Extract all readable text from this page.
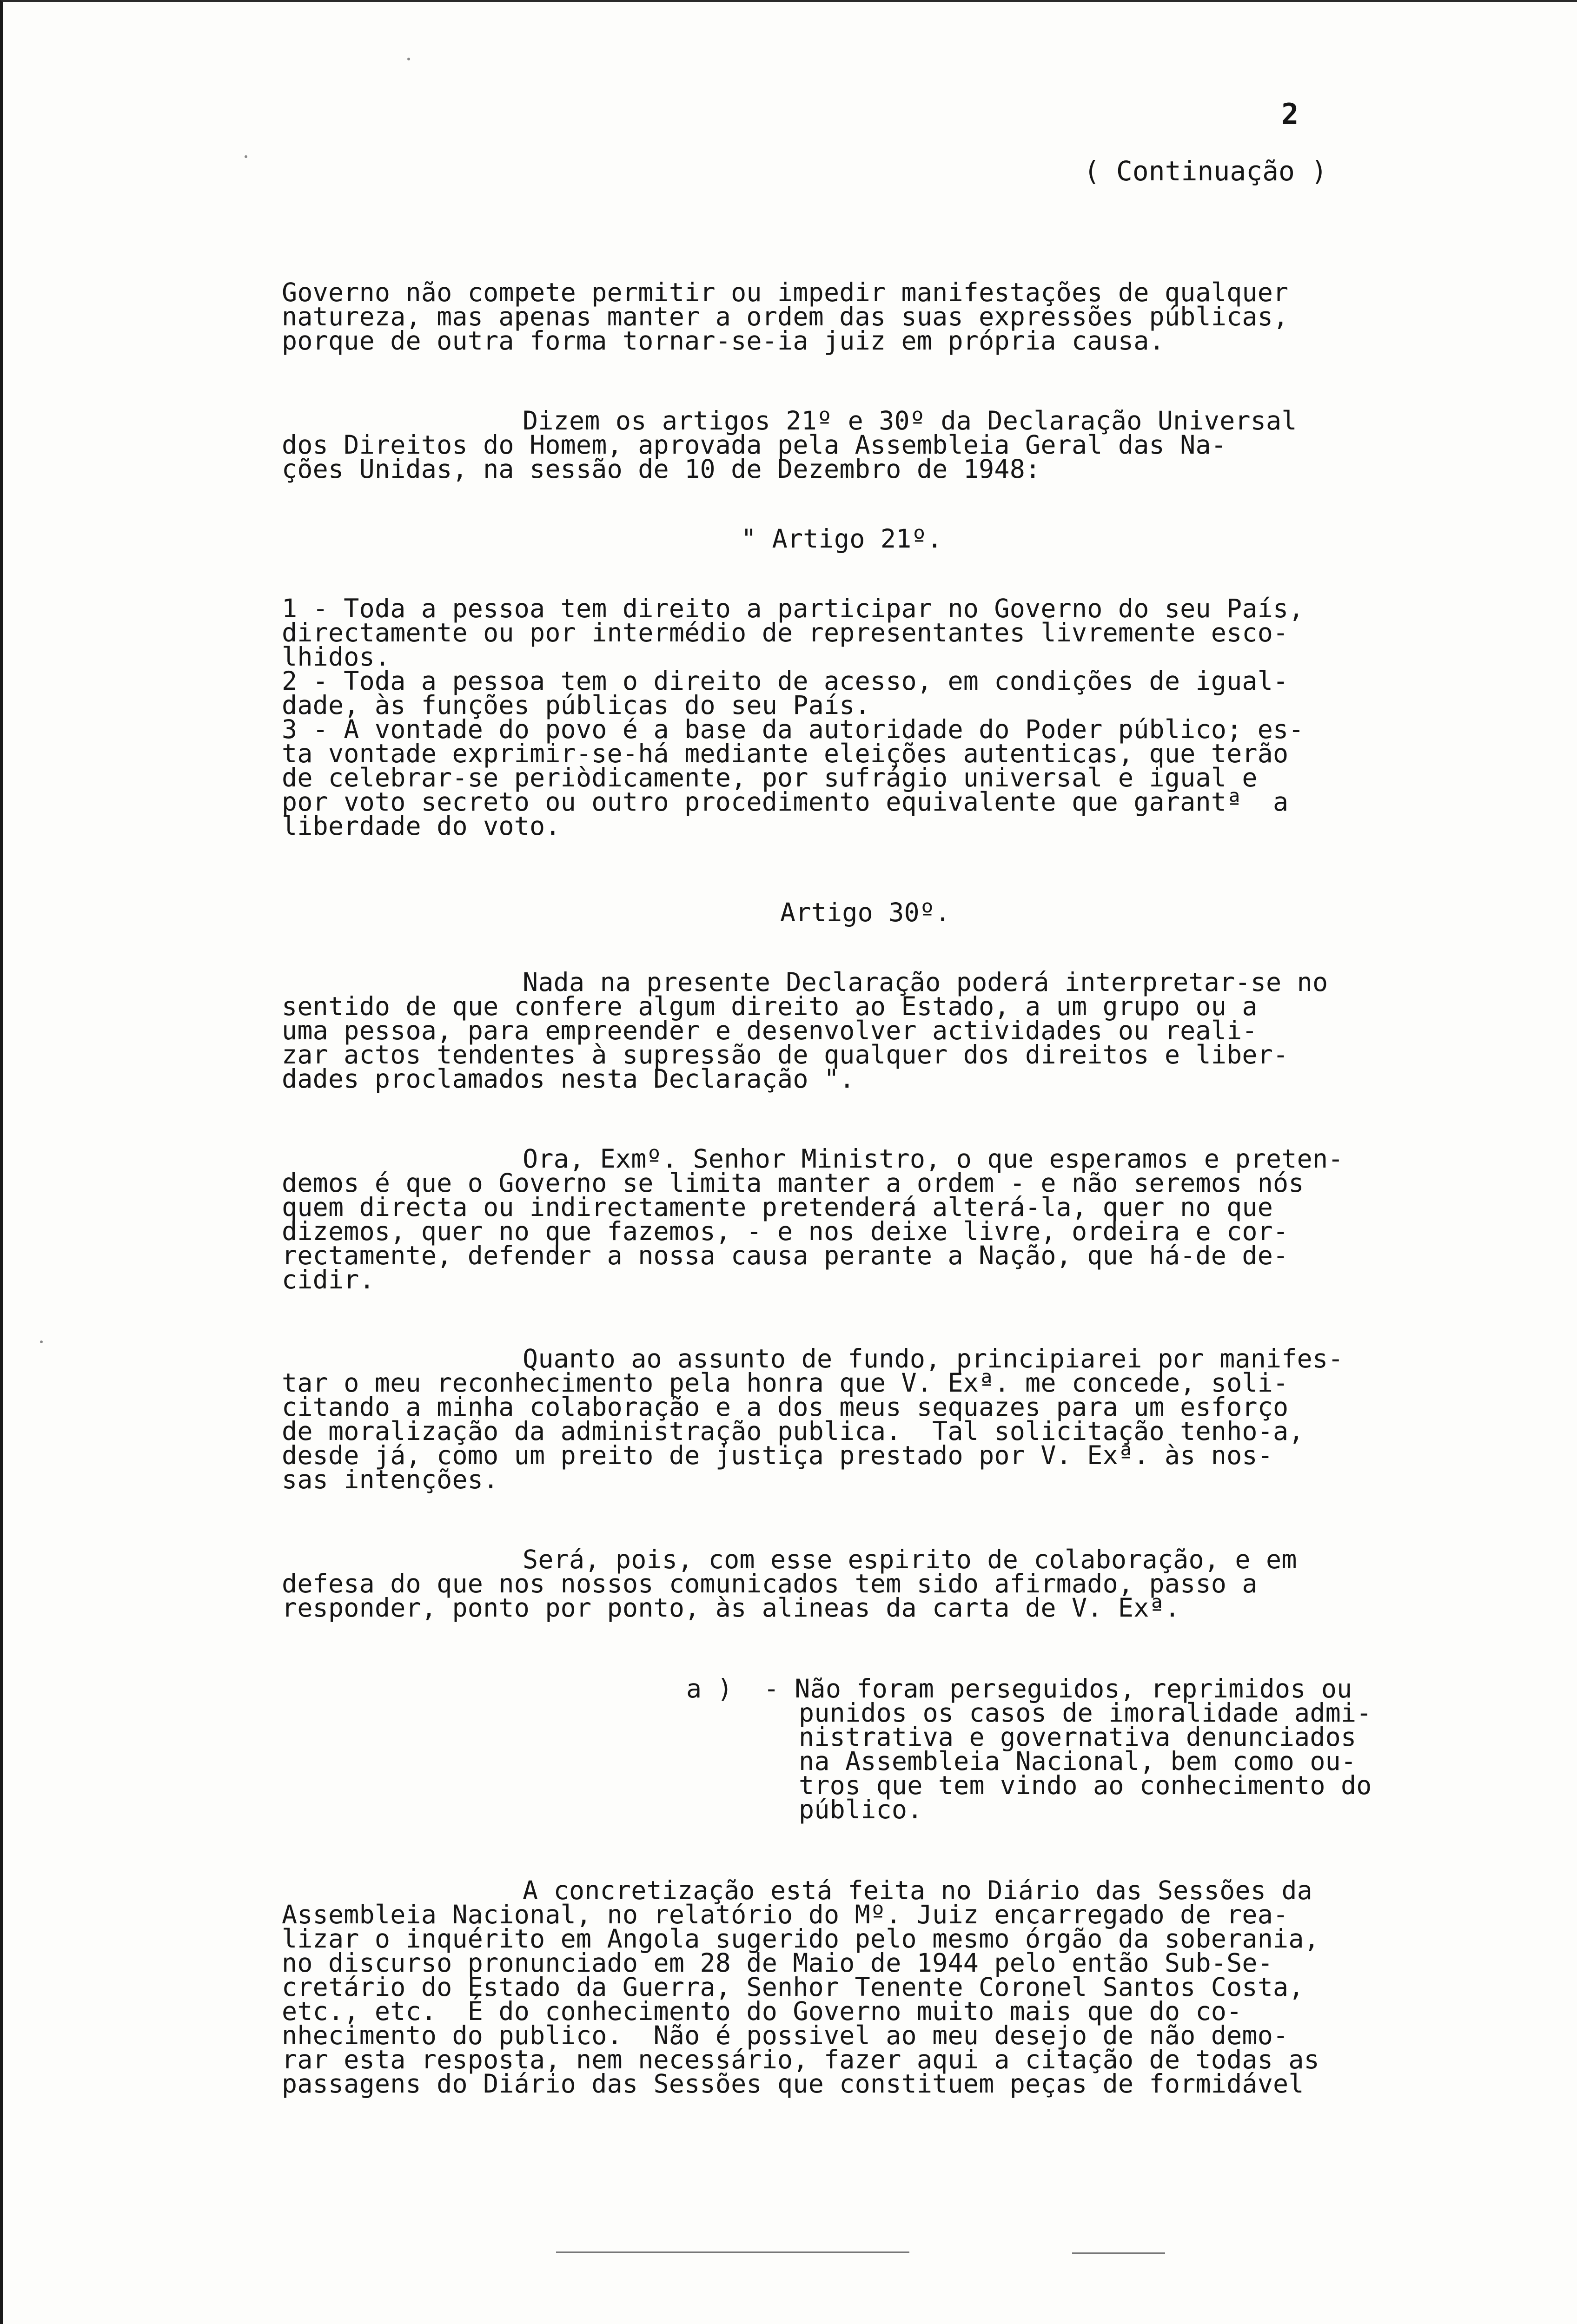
2
( Continuação )
Governo não compete permitir ou impedir manifestações de qualquer
natureza, mas apenas manter a ordem das suas expressões públicas,
porque de outra forma tornar-se-ia juiz em própria causa.
Dizem os artigos 21º e 30º da Declaração Universal
dos Direitos do Homem, aprovada pela Assembleia Geral das Na-
ções Unidas, na sessão de 10 de Dezembro de 1948:
" Artigo 21º.
1 - Toda a pessoa tem direito a participar no Governo do seu País,
directamente ou por intermédio de representantes livremente esco-
lhidos.
2 - Toda a pessoa tem o direito de acesso, em condições de igual-
dade, às funções públicas do seu País.
3 - A vontade do povo é a base da autoridade do Poder público; es-
ta vontade exprimir-se-há mediante eleições autenticas, que terão
de celebrar-se periòdicamente, por sufrágio universal e igual e
por voto secreto ou outro procedimento equivalente que garantª  a
liberdade do voto.
Artigo 30º.
Nada na presente Declaração poderá interpretar-se no
sentido de que confere algum direito ao Estado, a um grupo ou a
uma pessoa, para empreender e desenvolver actividades ou reali-
zar actos tendentes à supressão de qualquer dos direitos e liber-
dades proclamados nesta Declaração ".
Ora, Exmº. Senhor Ministro, o que esperamos e preten-
demos é que o Governo se limita manter a ordem - e não seremos nós
quem directa ou indirectamente pretenderá alterá-la, quer no que
dizemos, quer no que fazemos, - e nos deixe livre, ordeira e cor-
rectamente, defender a nossa causa perante a Nação, que há-de de-
cidir.
Quanto ao assunto de fundo, principiarei por manifes-
tar o meu reconhecimento pela honra que V. Exª. me concede, soli-
citando a minha colaboração e a dos meus sequazes para um esforço
de moralização da administração publica.  Tal solicitação tenho-a,
desde já, como um preito de justiça prestado por V. Exª. às nos-
sas intenções.
Será, pois, com esse espirito de colaboração, e em
defesa do que nos nossos comunicados tem sido afirmado, passo a
responder, ponto por ponto, às alineas da carta de V. Exª.
a )  - Não foram perseguidos, reprimidos ou
punidos os casos de imoralidade admi-
nistrativa e governativa denunciados
na Assembleia Nacional, bem como ou-
tros que tem vindo ao conhecimento do
público.
A concretização está feita no Diário das Sessões da
Assembleia Nacional, no relatório do Mº. Juiz encarregado de rea-
lizar o inquérito em Angola sugerido pelo mesmo órgão da soberania,
no discurso pronunciado em 28 de Maio de 1944 pelo então Sub-Se-
cretário do Estado da Guerra, Senhor Tenente Coronel Santos Costa,
etc., etc.  É do conhecimento do Governo muito mais que do co-
nhecimento do publico.  Não é possivel ao meu desejo de não demo-
rar esta resposta, nem necessário, fazer aqui a citação de todas as
passagens do Diário das Sessões que constituem peças de formidável
